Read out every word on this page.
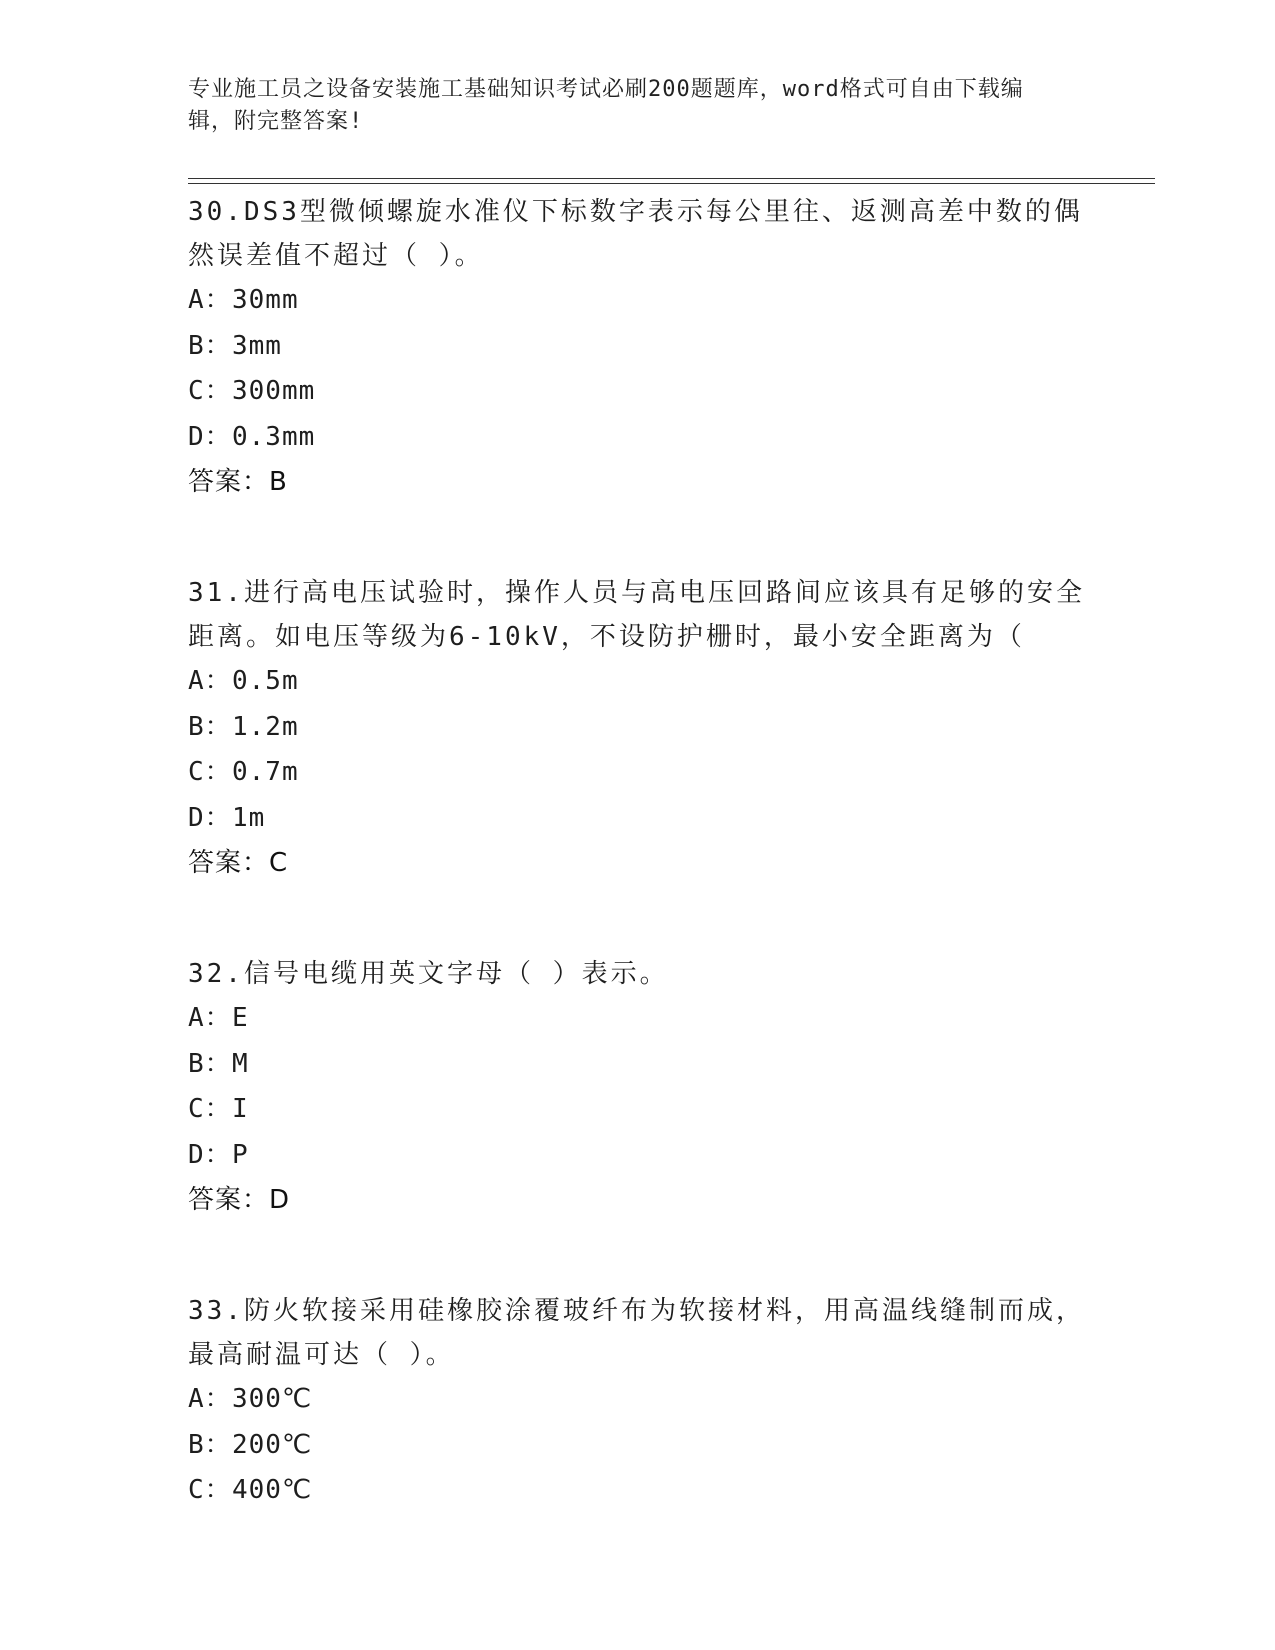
专业施工员之设备安装施工基础知识考试必刷200题题库，word格式可自由下载编辑，附完整答案!

30.DS3型微倾螺旋水准仪下标数字表示每公里往、返测高差中数的偶然误差值不超过（ ）。

A： 30mm
B： 3mm
C： 300mm
D： 0.3mm
答案：B

31.进行高电压试验时，操作人员与高电压回路间应该具有足够的安全距离。如电压等级为6-10kV，不设防护栅时，最小安全距离为（

A： 0.5m
B： 1.2m
C： 0.7m
D： 1m
答案：C

32.信号电缆用英文字母（ ）表示。

A： E
B： M
C： I
D： P
答案：D

33.防火软接采用硅橡胶涂覆玻纤布为软接材料，用高温线缝制而成，最高耐温可达（ ）。

A： 300℃
B： 200℃
C： 400℃
